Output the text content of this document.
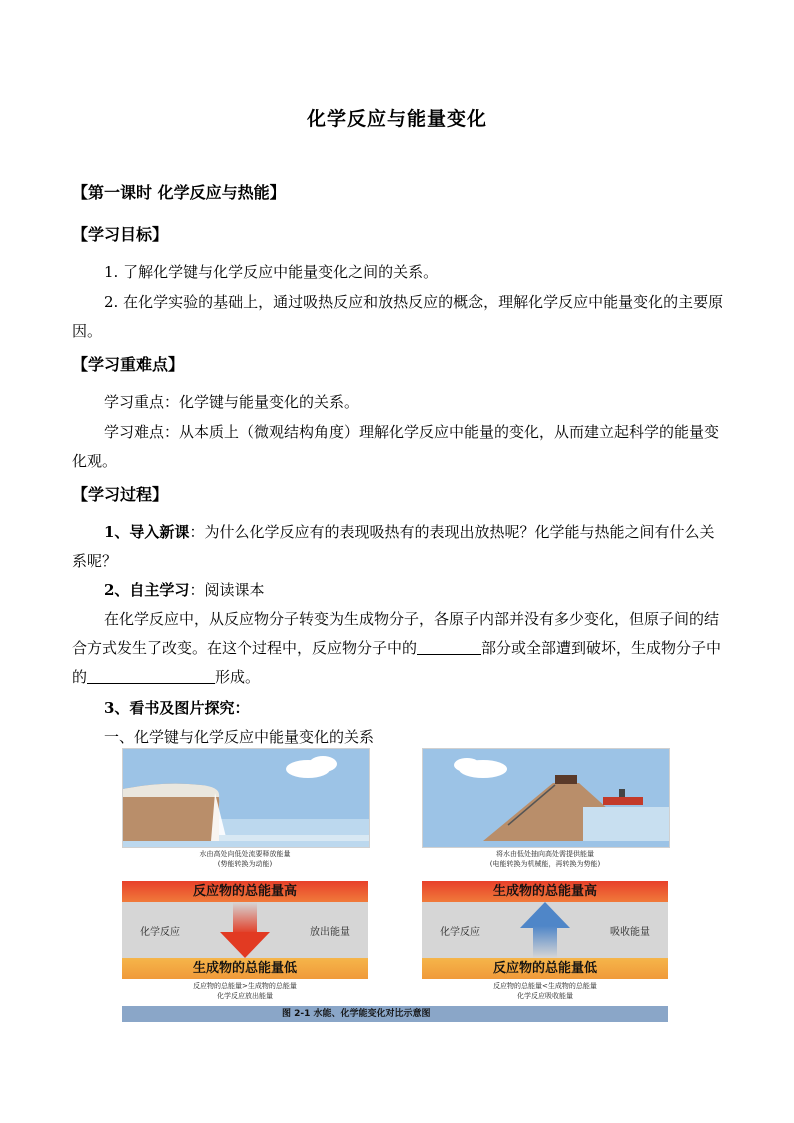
化学反应与能量变化
【第一课时 化学反应与热能】
【学习目标】
1. 了解化学键与化学反应中能量变化之间的关系。
2. 在化学实验的基础上，通过吸热反应和放热反应的概念，理解化学反应中能量变化的主要原因。
【学习重难点】
学习重点：化学键与能量变化的关系。
学习难点：从本质上（微观结构角度）理解化学反应中能量的变化，从而建立起科学的能量变化观。
【学习过程】
1、导入新课：为什么化学反应有的表现吸热有的表现出放热呢？化学能与热能之间有什么关系呢？
2、自主学习：阅读课本
在化学反应中，从反应物分子转变为生成物分子，各原子内部并没有多少变化，但原子间的结合方式发生了改变。在这个过程中，反应物分子中的	部分或全部遭到破坏，生成物分子中的	形成。
3、看书及图片探究：
一、化学键与化学反应中能量变化的关系
水由高处向低处流要释放能量
(势能转换为动能)
将水由低处抽向高处需提供能量
(电能转换为机械能，再转换为势能)
反应物的总能量高
化学反应	放出能量
生成物的总能量低
反应物的总能量>生成物的总能量
化学反应放出能量
生成物的总能量高
化学反应	吸收能量
反应物的总能量低
反应物的总能量<生成物的总能量
化学反应吸收能量
图 2-1 水能、化学能变化对比示意图
